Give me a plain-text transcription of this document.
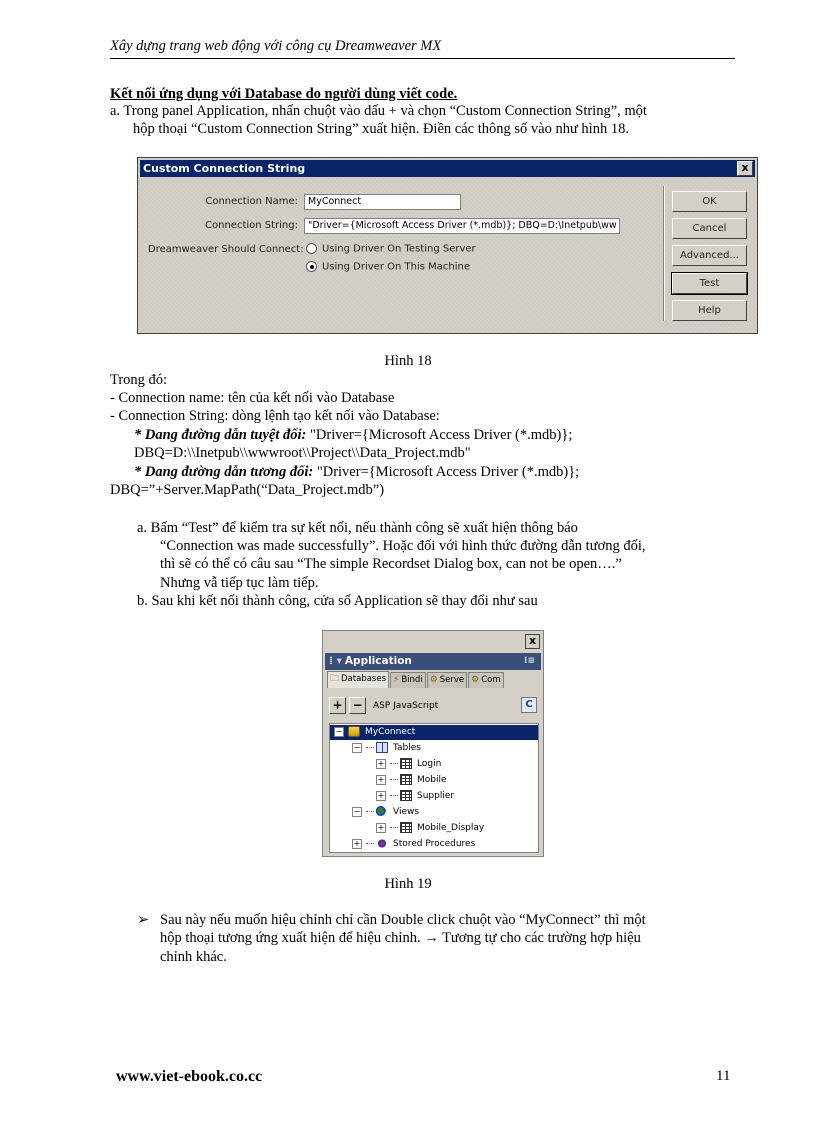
Xây dựng trang web động với công cụ Dreamweaver MX
Kết nối ứng dụng với Database do người dùng viết code.
a. Trong panel Application, nhấn chuột vào dấu + và chọn “Custom Connection String”, một
hộp thoại “Custom Connection String” xuất hiện. Điền các thông số vào như hình 18.
Custom Connection String	x
Connection Name:	MyConnect
Connection String:	"Driver={Microsoft Access Driver (*.mdb)}; DBQ=D:\Inetpub\ww
Dreamweaver Should Connect:	Using Driver On Testing Server
Using Driver On This Machine
OK
Cancel
Advanced...
Test
Help
Hình 18
Trong đó:
- Connection name: tên của kết nối vào Database
- Connection String: dòng lệnh tạo kết nối vào Database:
* Dang đường dẫn tuyệt đối: "Driver={Microsoft Access Driver (*.mdb)};
DBQ=D:\\Inetpub\\wwwroot\\Project\\Data_Project.mdb"
* Dang đường dẫn tương đối: "Driver={Microsoft Access Driver (*.mdb)};
DBQ=”+Server.MapPath(“Data_Project.mdb”)
a. Bấm “Test” để kiểm tra sự kết nối, nếu thành công sẽ xuất hiện thông báo
“Connection was made successfully”. Hoặc đối với hình thức đường dẫn tương đối,
thì sẽ có thể có câu sau “The simple Recordset Dialog box, can not be open….”
Nhưng vẫ tiếp tục làm tiếp.
b. Sau khi kết nối thành công, cửa sổ Application sẽ thay đổi như sau
x
⁞ ▾ Application	⁝≡
🗀 Databases ⚡ Bindi ⚙ Serve ⚙ Com
+ − ASP JavaScript	C
−	MyConnect
−	Tables
+	Login
+	Mobile
+	Supplier
−	Views
+	Mobile_Display
+	Stored Procedures
Hình 19
➢ Sau này nếu muốn hiệu chỉnh chỉ cần Double click chuột vào “MyConnect” thì một
hộp thoại tương ứng xuất hiện để hiệu chỉnh. → Tương tự cho các trường hợp hiệu
chỉnh khác.
www.viet-ebook.co.cc	11
